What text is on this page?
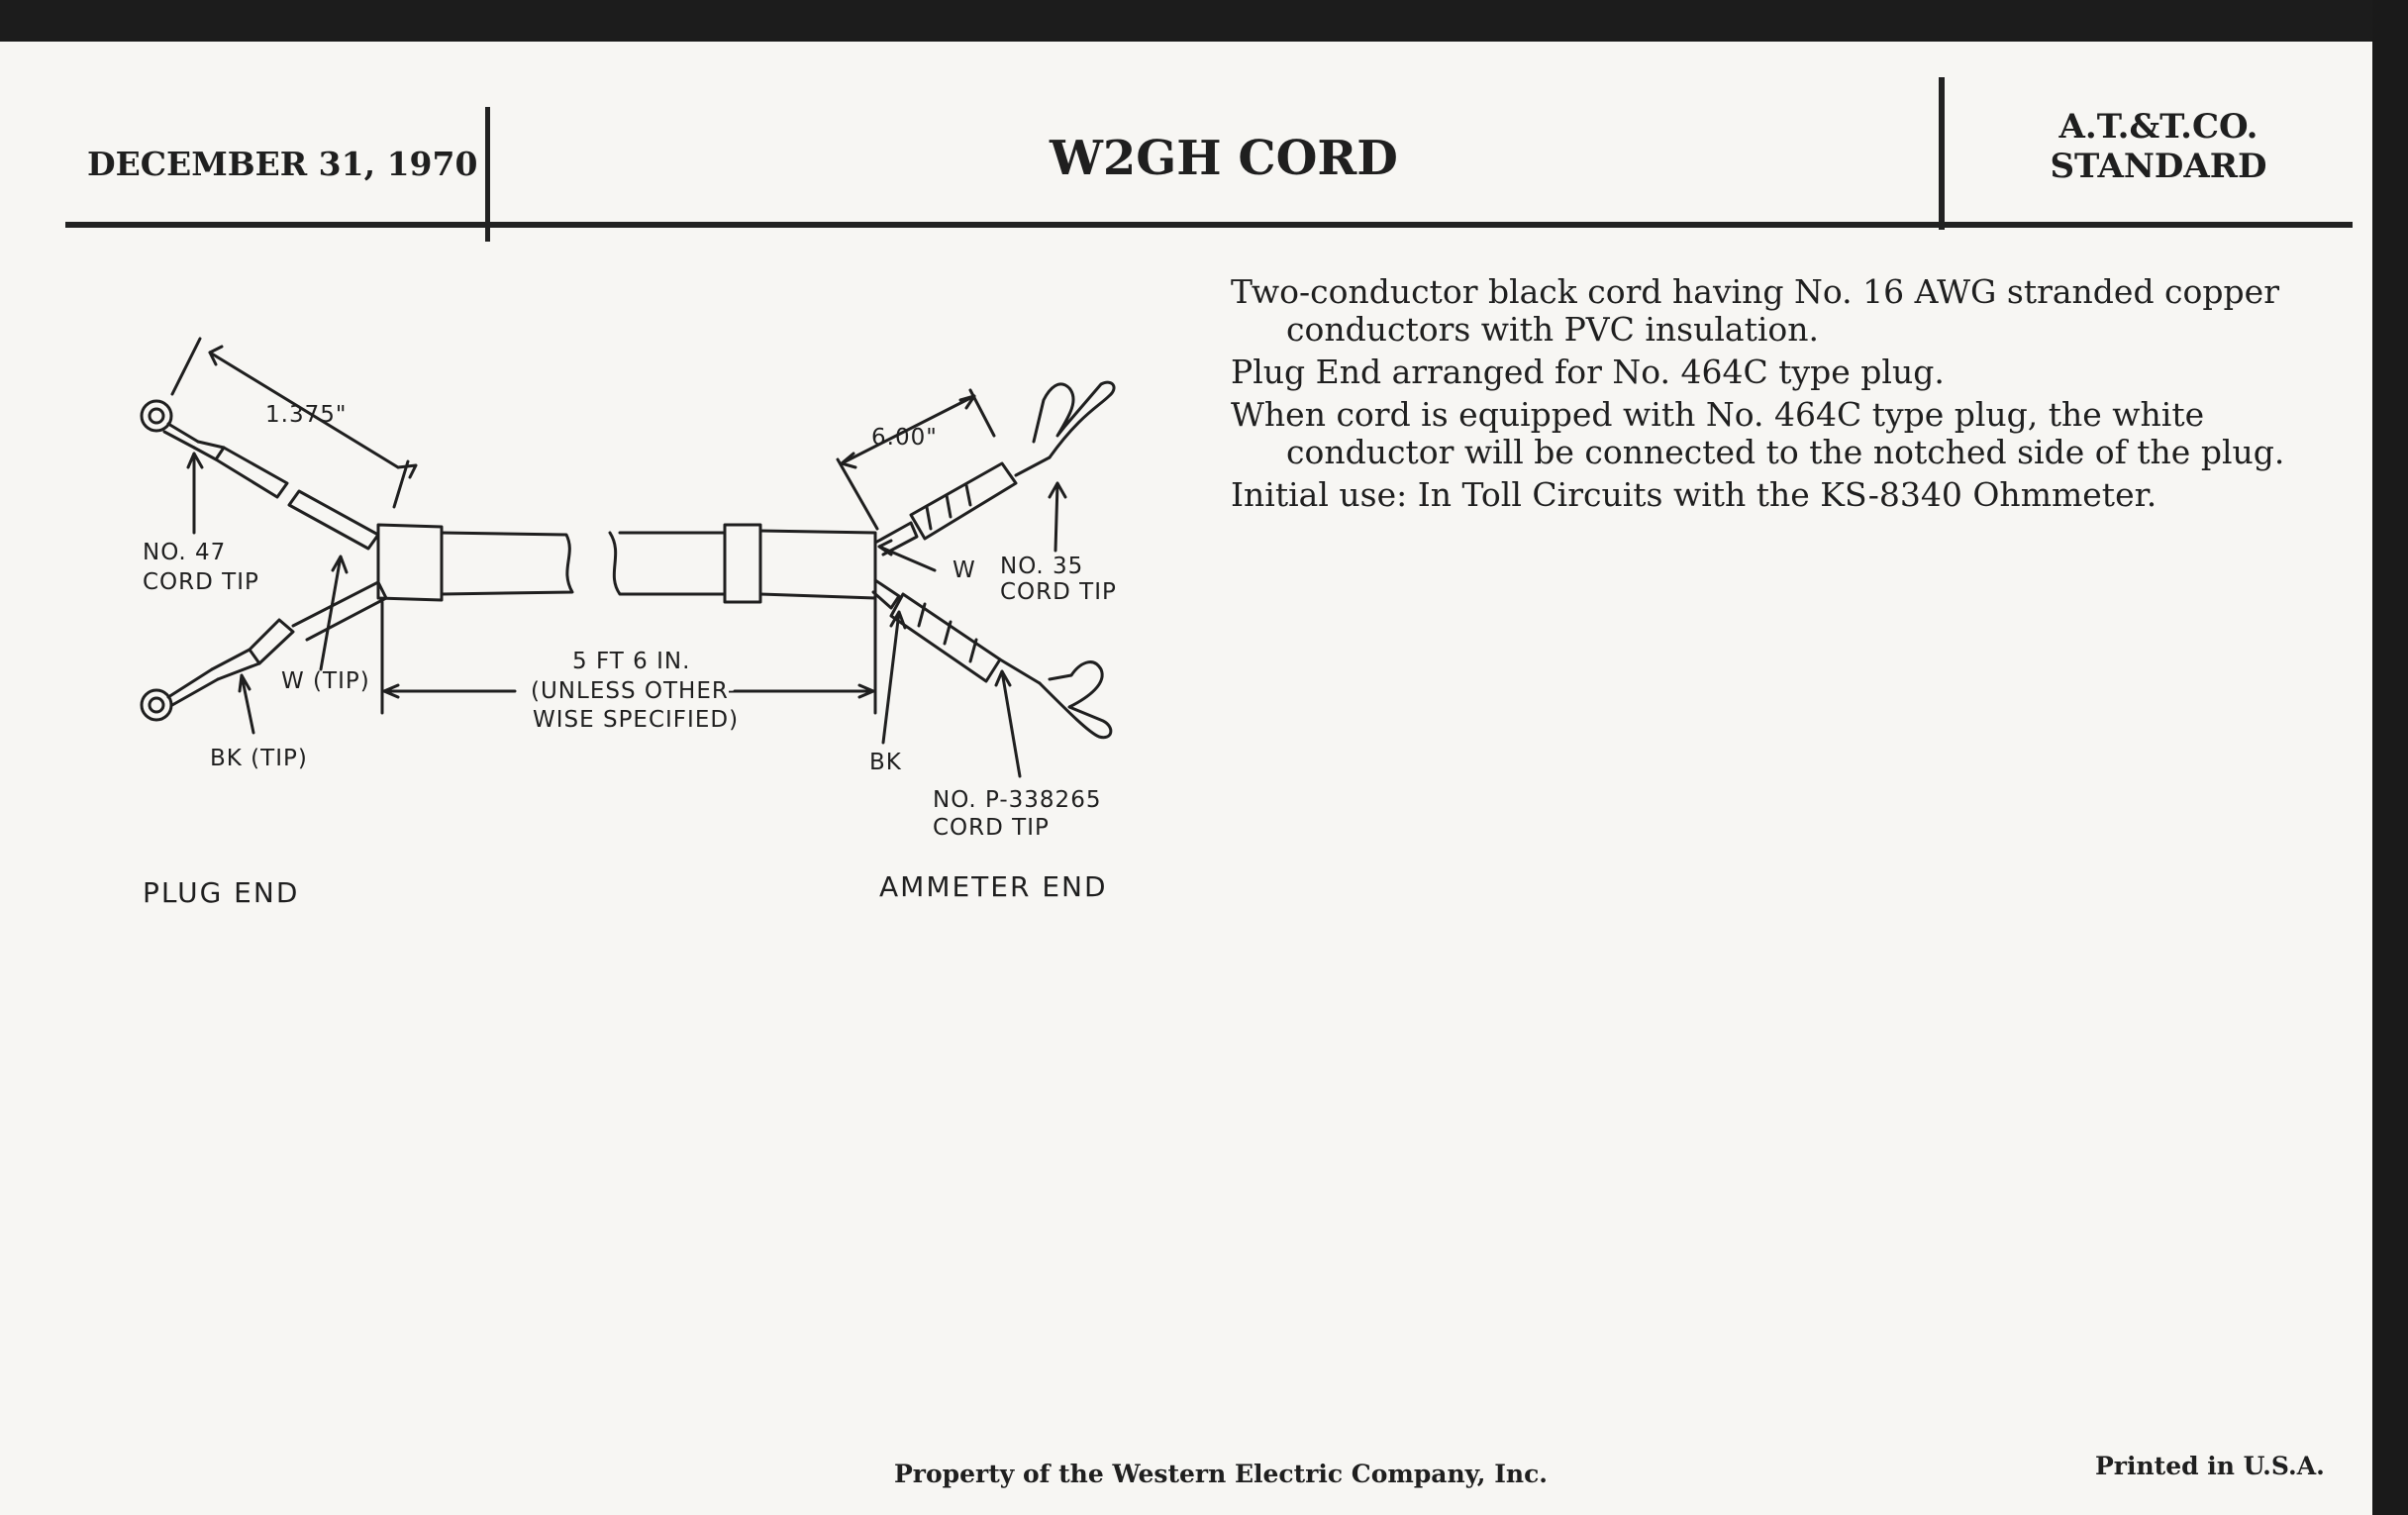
DECEMBER 31, 1970	W2GH CORD
A.T.&T.CO.
STANDARD

Two-conductor black cord having No. 16 AWG stranded copper conductors with PVC insulation.

Plug End arranged for No. 464C type plug.

When cord is equipped with No. 464C type plug, the white conductor will be connected to the notched side of the plug.

Initial use: In Toll Circuits with the KS-8340 Ohmmeter.

1.375"
6.00"
5 FT 6 IN.
(UNLESS OTHER-
WISE SPECIFIED)
NO. 47
CORD TIP
W (TIP)
BK (TIP)
W
BK
NO. 35
CORD TIP
NO. P-338265
CORD TIP
PLUG END	AMMETER END
Property of the Western Electric Company, Inc.	Printed in U.S.A.
